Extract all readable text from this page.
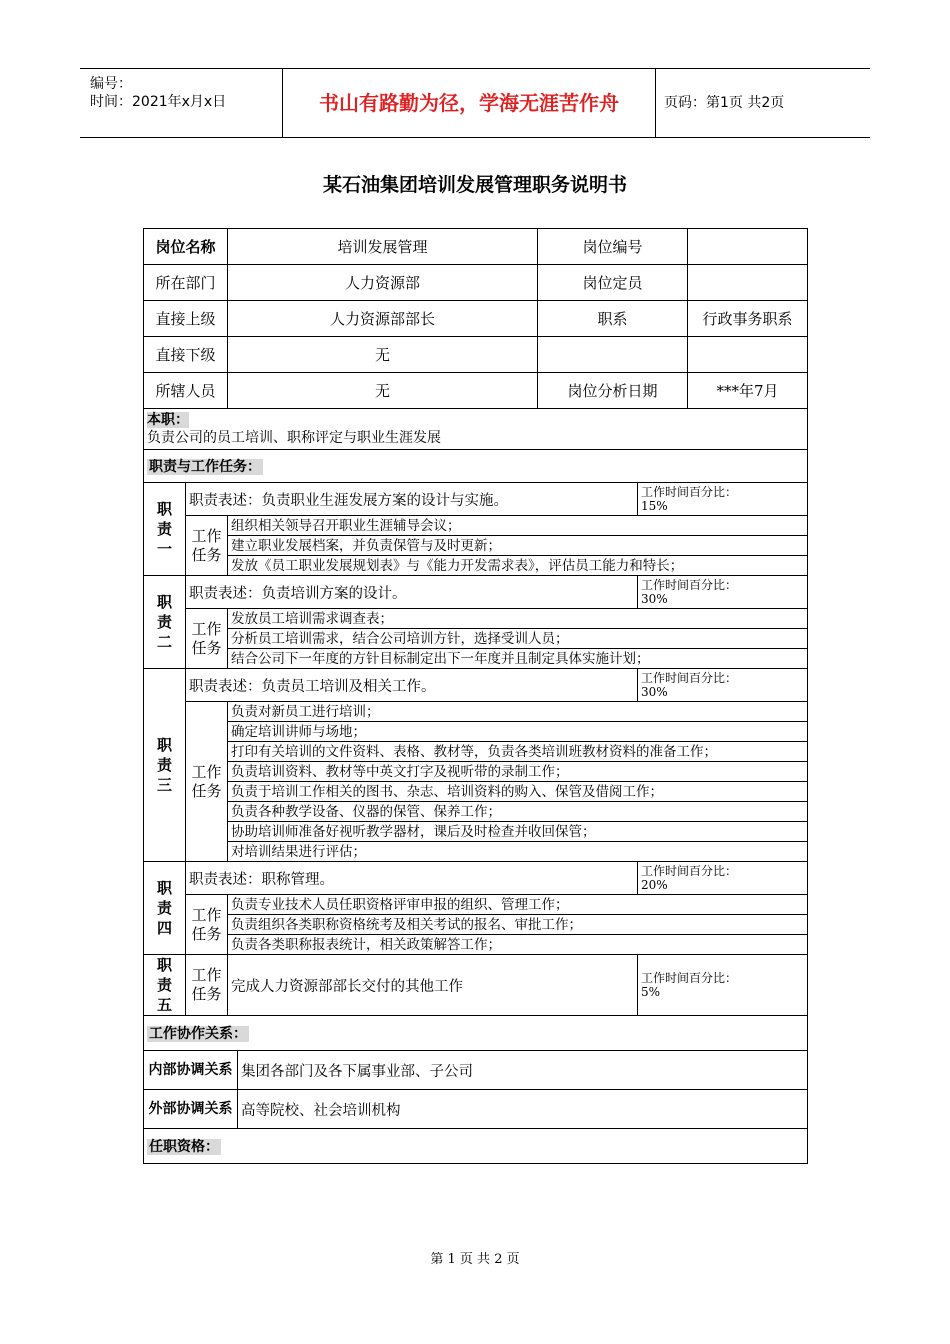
编号：
时间：2021年x月x日	书山有路勤为径，学海无涯苦作舟	页码：第1页 共2页
某石油集团培训发展管理职务说明书
岗位名称		培训发展管理		岗位编号		
所在部门		人力资源部		岗位定员		
直接上级		人力资源部部长		职系		行政事务职系
直接下级		无				
所辖人员		无		岗位分析日期		***年7月

本职：
负责公司的员工培训、职称评定与职业生涯发展						

职责与工作任务：						
职责一	职责表述：负责职业生涯发展方案的设计与实施。				工作时间百分比：
15%	
	工作任务	组织相关领导召开职业生涯辅导会议；				
		建立职业发展档案，并负责保管与及时更新；				
		发放《员工职业发展规划表》与《能力开发需求表》，评估员工能力和特长；				
职责二	职责表述：负责培训方案的设计。				工作时间百分比：
30%	
	工作任务	发放员工培训需求调查表；				
		分析员工培训需求，结合公司培训方针，选择受训人员；				
		结合公司下一年度的方针目标制定出下一年度并且制定具体实施计划；				
职责三	职责表述：负责员工培训及相关工作。				工作时间百分比：
30%	
	工作任务	负责对新员工进行培训；				
		确定培训讲师与场地；				
		打印有关培训的文件资料、表格、教材等，负责各类培训班教材资料的准备工作；				
		负责培训资料、教材等中英文打字及视听带的录制工作；				
		负责于培训工作相关的图书、杂志、培训资料的购入、保管及借阅工作；				
		负责各种教学设备、仪器的保管、保养工作；				
		协助培训师准备好视听教学器材，课后及时检查并收回保管；				
		对培训结果进行评估；				
职责四	职责表述：职称管理。				工作时间百分比：
20%	
	工作任务	负责专业技术人员任职资格评审申报的组织、管理工作；				
		负责组织各类职称资格统考及相关考试的报名、审批工作；				
		负责各类职称报表统计，相关政策解答工作；				
职责五	工作任务	完成人力资源部部长交付的其他工作			工作时间百分比：
5%	
工作协作关系：						
内部协调关系			集团各部门及各下属事业部、子公司			
外部协调关系			高等院校、社会培训机构			
任职资格：						
第 1 页 共 2 页
